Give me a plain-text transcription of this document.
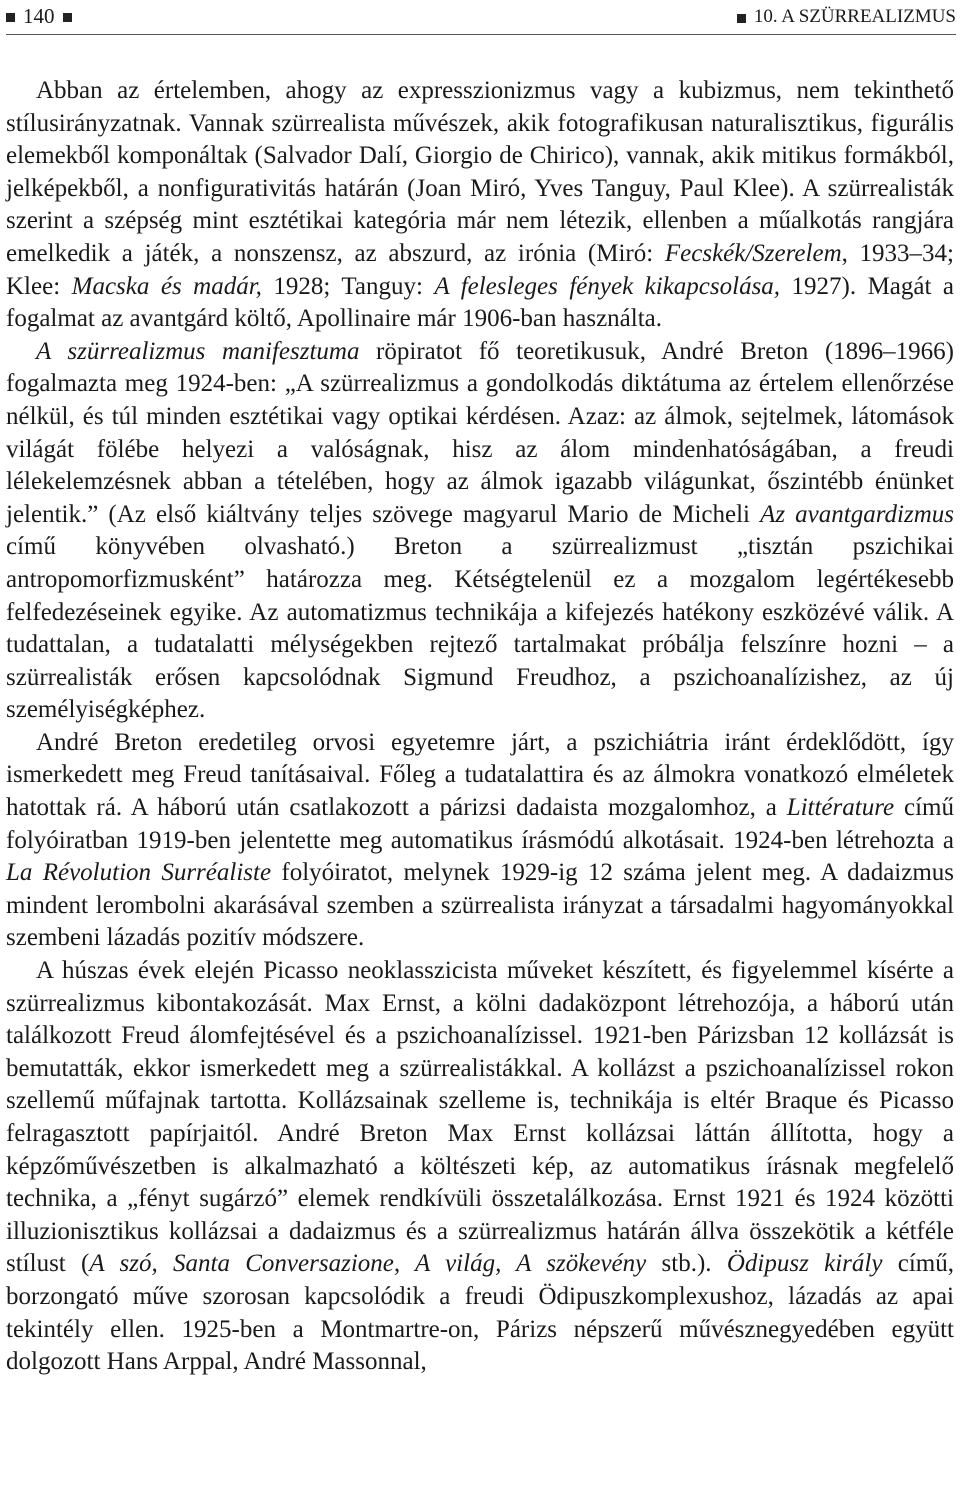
140	10. A SZÜRREALIZMUS

Abban az értelemben, ahogy az expresszionizmus vagy a kubizmus, nem tekinthető stílusirányzatnak. Vannak szürrealista művészek, akik fotografikusan naturalisztikus, figurális elemekből komponáltak (Salvador Dalí, Giorgio de Chirico), vannak, akik mitikus formákból, jelképekből, a nonfigurativitás határán (Joan Miró, Yves Tanguy, Paul Klee). A szürrealisták szerint a szépség mint esztétikai kategória már nem létezik, ellenben a műalkotás rangjára emelkedik a játék, a nonszensz, az abszurd, az irónia (Miró: Fecskék/Szerelem, 1933–34; Klee: Macska és madár, 1928; Tanguy: A felesleges fények kikapcsolása, 1927). Magát a fogalmat az avantgárd költő, Apollinaire már 1906-ban használta.

A szürrealizmus manifesztuma röpiratot fő teoretikusuk, André Breton (1896–1966) fogalmazta meg 1924-ben: „A szürrealizmus a gondolkodás diktátuma az értelem ellenőrzése nélkül, és túl minden esztétikai vagy optikai kérdésen. Azaz: az álmok, sejtelmek, látomások világát fölébe helyezi a valóságnak, hisz az álom mindenhatóságában, a freudi lélekelemzésnek abban a tételében, hogy az álmok igazabb világunkat, őszintébb énünket jelentik.” (Az első kiáltvány teljes szövege magyarul Mario de Micheli Az avantgardizmus című könyvében olvasható.) Breton a szürrealizmust „tisztán pszichikai antropomorfizmusként” határozza meg. Kétségtelenül ez a mozgalom legértékesebb felfedezéseinek egyike. Az automatizmus technikája a kifejezés hatékony eszközévé válik. A tudattalan, a tudatalatti mélységekben rejtező tartalmakat próbálja felszínre hozni – a szürrealisták erősen kapcsolódnak Sigmund Freudhoz, a pszichoanalízishez, az új személyiségképhez.

André Breton eredetileg orvosi egyetemre járt, a pszichiátria iránt érdeklődött, így ismerkedett meg Freud tanításaival. Főleg a tudatalattira és az álmokra vonatkozó elméletek hatottak rá. A háború után csatlakozott a párizsi dadaista mozgalomhoz, a Littérature című folyóiratban 1919-ben jelentette meg automatikus írásmódú alkotásait. 1924-ben létrehozta a La Révolution Surréaliste folyóiratot, melynek 1929-ig 12 száma jelent meg. A dadaizmus mindent lerombolni akarásával szemben a szürrealista irányzat a társadalmi hagyományokkal szembeni lázadás pozitív módszere.

A húszas évek elején Picasso neoklasszicista műveket készített, és figyelemmel kísérte a szürrealizmus kibontakozását. Max Ernst, a kölni dadaközpont létrehozója, a háború után találkozott Freud álomfejtésével és a pszichoanalízissel. 1921-ben Párizsban 12 kollázsát is bemutatták, ekkor ismerkedett meg a szürrealistákkal. A kollázst a pszichoanalízissel rokon szellemű műfajnak tartotta. Kollázsainak szelleme is, technikája is eltér Braque és Picasso felragasztott papírjaitól. André Breton Max Ernst kollázsai láttán állította, hogy a képzőművészetben is alkalmazható a költészeti kép, az automatikus írásnak megfelelő technika, a „fényt sugárzó” elemek rendkívüli összetalálkozása. Ernst 1921 és 1924 közötti illuzionisztikus kollázsai a dadaizmus és a szürrealizmus határán állva összekötik a kétféle stílust (A szó, Santa Conversazione, A világ, A szökevény stb.). Ödipusz király című, borzongató műve szorosan kapcsolódik a freudi Ödipuszkomplexushoz, lázadás az apai tekintély ellen. 1925-ben a Montmartre-on, Párizs népszerű művésznegyedében együtt dolgozott Hans Arppal, André Massonnal,
